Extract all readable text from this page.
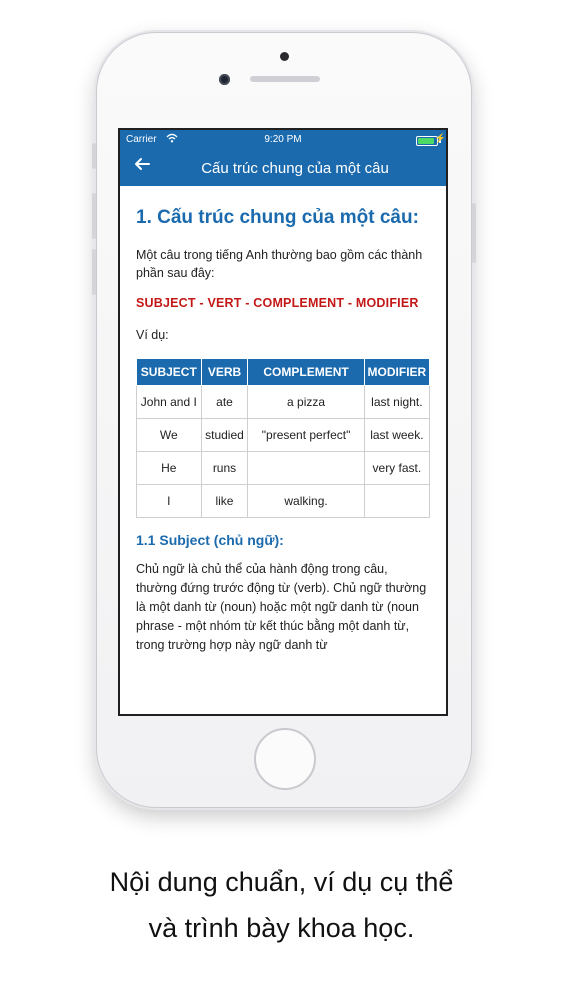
Carrier	9:20 PM	⚡
Cấu trúc chung của một câu
1. Cấu trúc chung của một câu:

Một câu trong tiếng Anh thường bao gồm các thành phần sau đây:

SUBJECT - VERT - COMPLEMENT - MODIFIER

Ví dụ:

SUBJECT	VERB	COMPLEMENT	MODIFIER
John and I	ate	a pizza	last night.
We	studied	"present perfect"	last week.
He	runs		very fast.
I	like	walking.	
1.1 Subject (chủ ngữ):

Chủ ngữ là chủ thể của hành động trong câu, thường đứng trước động từ (verb). Chủ ngữ thường là một danh từ (noun) hoặc một ngữ danh từ (noun phrase - một nhóm từ kết thúc bằng một danh từ, trong trường hợp này ngữ danh từ

Nội dung chuẩn, ví dụ cụ thể
và trình bày khoa học.
